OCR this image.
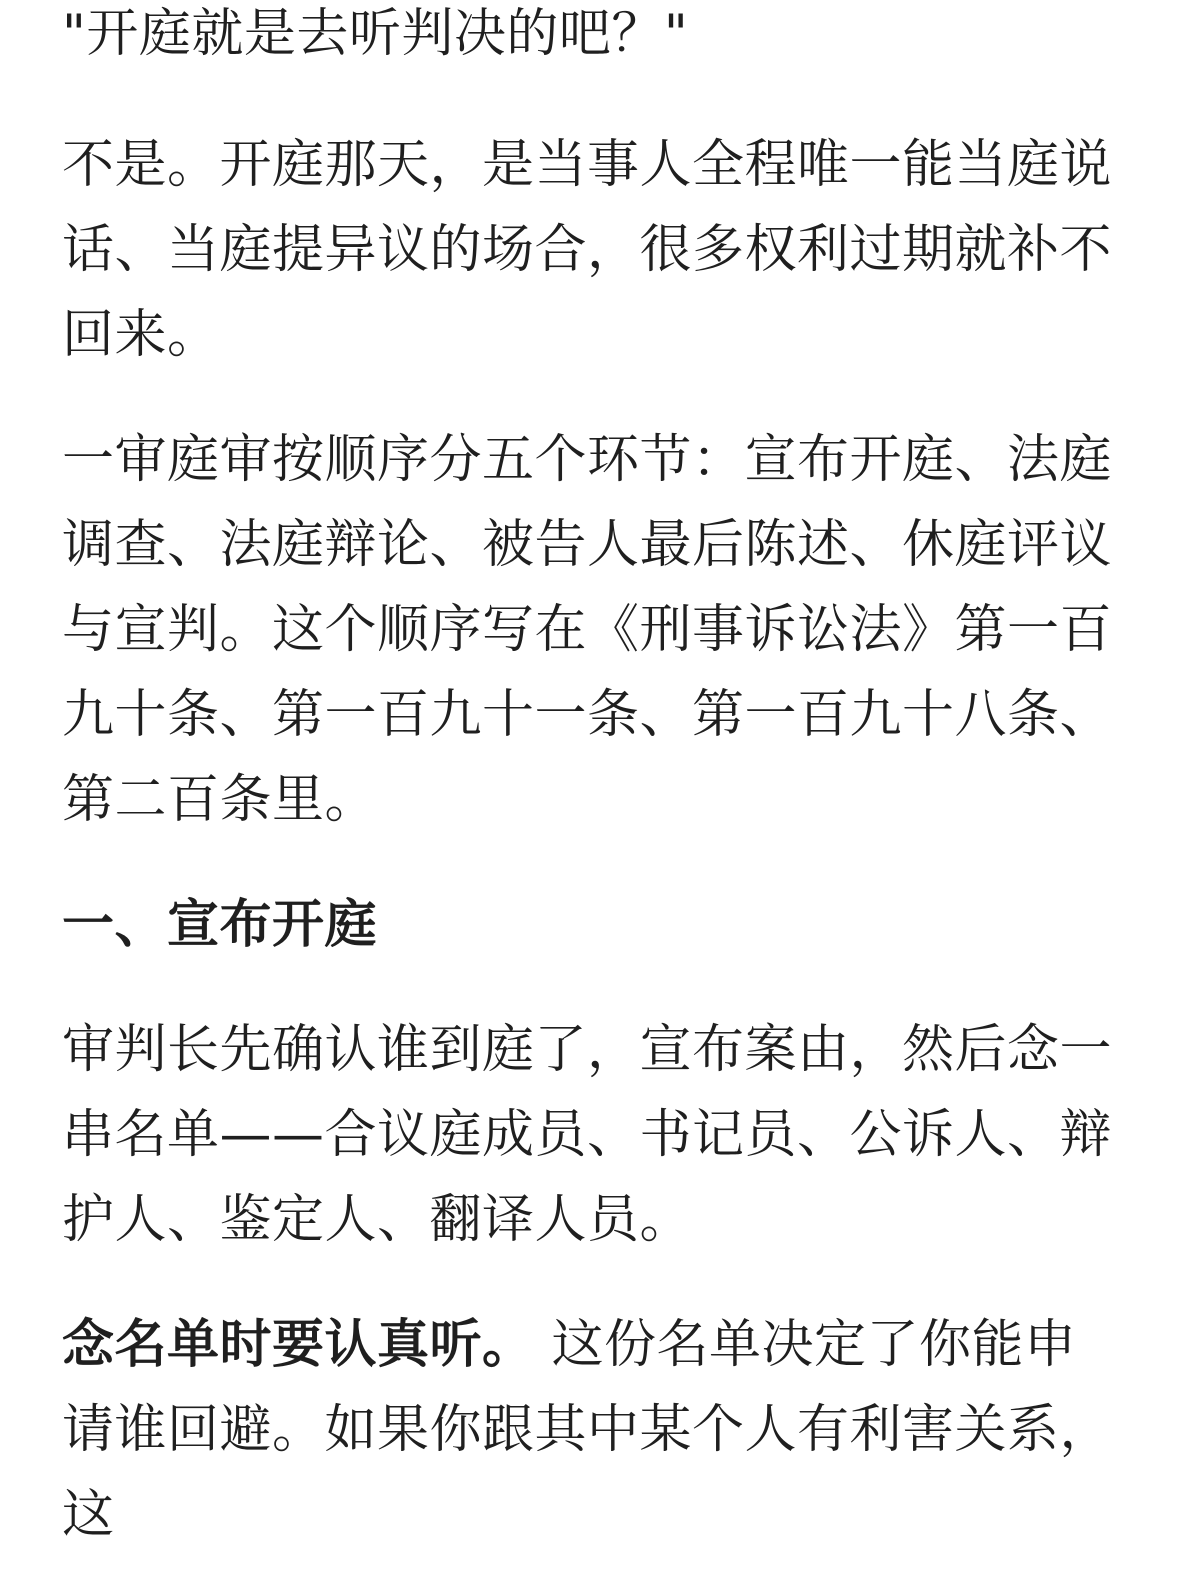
"开庭就是去听判决的吧？"

不是。开庭那天，是当事人全程唯一能当庭说话、当庭提异议的场合，很多权利过期就补不回来。

一审庭审按顺序分五个环节：宣布开庭、法庭调查、法庭辩论、被告人最后陈述、休庭评议与宣判。这个顺序写在《刑事诉讼法》第一百九十条、第一百九十一条、第一百九十八条、第二百条里。

一、宣布开庭

审判长先确认谁到庭了，宣布案由，然后念一串名单——合议庭成员、书记员、公诉人、辩护人、鉴定人、翻译人员。

念名单时要认真听。 这份名单决定了你能申请谁回避。如果你跟其中某个人有利害关系，这
